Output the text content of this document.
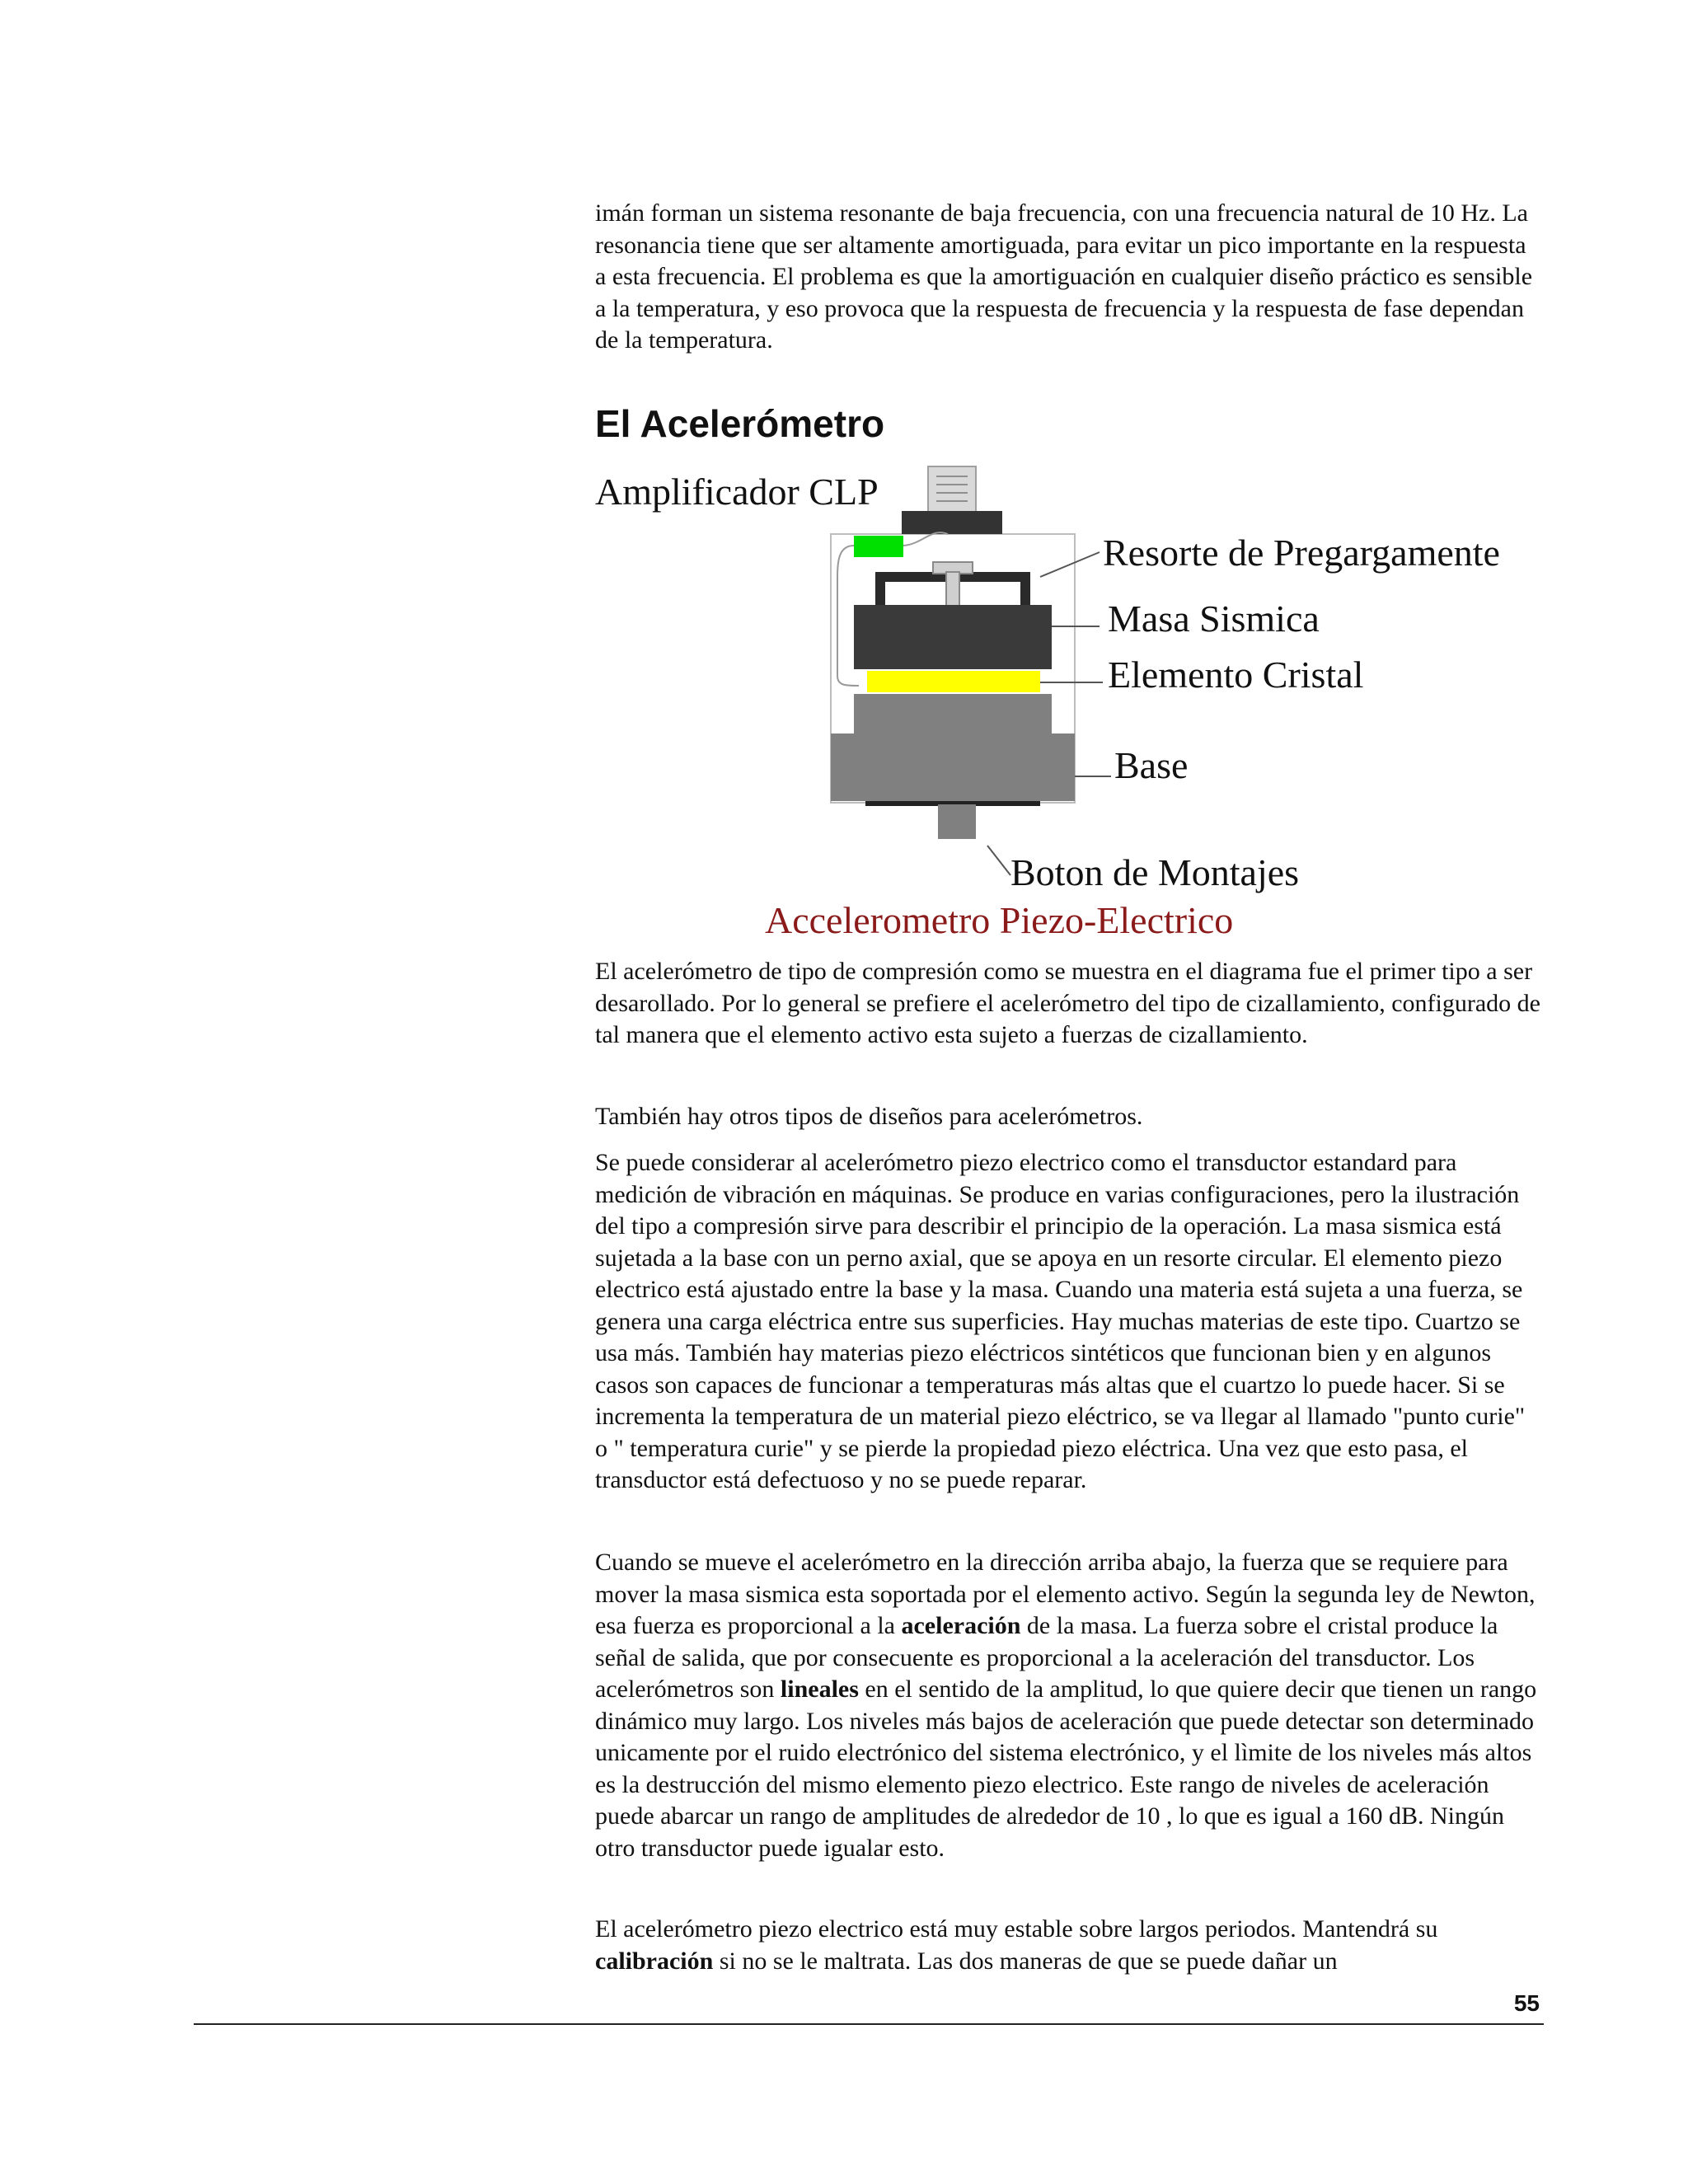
imán forman un sistema resonante de baja frecuencia, con una frecuencia natural de 10 Hz. La resonancia tiene que ser altamente amortiguada, para evitar un pico importante en la respuesta a esta frecuencia. El problema es que la amortiguación en cualquier diseño práctico es sensible a la temperatura, y eso provoca que la respuesta de frecuencia y la respuesta de fase dependan de la temperatura.

El Acelerómetro
Amplificador CLP
Resorte de Pregargamente
Masa Sismica
Elemento Cristal
Base
Boton de Montajes
Accelerometro Piezo-Electrico

El acelerómetro de tipo de compresión como se muestra en el diagrama fue el primer tipo a ser desarollado. Por lo general se prefiere el acelerómetro del tipo de cizallamiento, configurado de tal manera que el elemento activo esta sujeto a fuerzas de cizallamiento.

También hay otros tipos de diseños para acelerómetros.

Se puede considerar al acelerómetro piezo electrico como el transductor estandard para medición de vibración en máquinas. Se produce en varias configuraciones, pero la ilustración del tipo a compresión sirve para describir el principio de la operación. La masa sismica está sujetada a la base con un perno axial, que se apoya en un resorte circular. El elemento piezo electrico está ajustado entre la base y la masa. Cuando una materia está sujeta a una fuerza, se genera una carga eléctrica entre sus superficies. Hay muchas materias de este tipo. Cuartzo se usa más. También hay materias piezo eléctricos sintéticos que funcionan bien y en algunos casos son capaces de funcionar a temperaturas más altas que el cuartzo lo puede hacer. Si se incrementa la temperatura de un material piezo eléctrico, se va llegar al llamado "punto curie" o " temperatura curie" y se pierde la propiedad piezo eléctrica. Una vez que esto pasa, el transductor está defectuoso y no se puede reparar.

Cuando se mueve el acelerómetro en la dirección arriba abajo, la fuerza que se requiere para mover la masa sismica esta soportada por el elemento activo. Según la segunda ley de Newton, esa fuerza es proporcional a la aceleración de la masa. La fuerza sobre el cristal produce la señal de salida, que por consecuente es proporcional a la aceleración del transductor. Los acelerómetros son lineales en el sentido de la amplitud, lo que quiere decir que tienen un rango dinámico muy largo. Los niveles más bajos de aceleración que puede detectar son determinado unicamente por el ruido electrónico del sistema electrónico, y el lìmite de los niveles más altos es la destrucción del mismo elemento piezo electrico. Este rango de niveles de aceleración puede abarcar un rango de amplitudes de alrededor de 10 , lo que es igual a 160 dB. Ningún otro transductor puede igualar esto.

El acelerómetro piezo electrico está muy estable sobre largos periodos. Mantendrá su calibración si no se le maltrata. Las dos maneras de que se puede dañar un

55
